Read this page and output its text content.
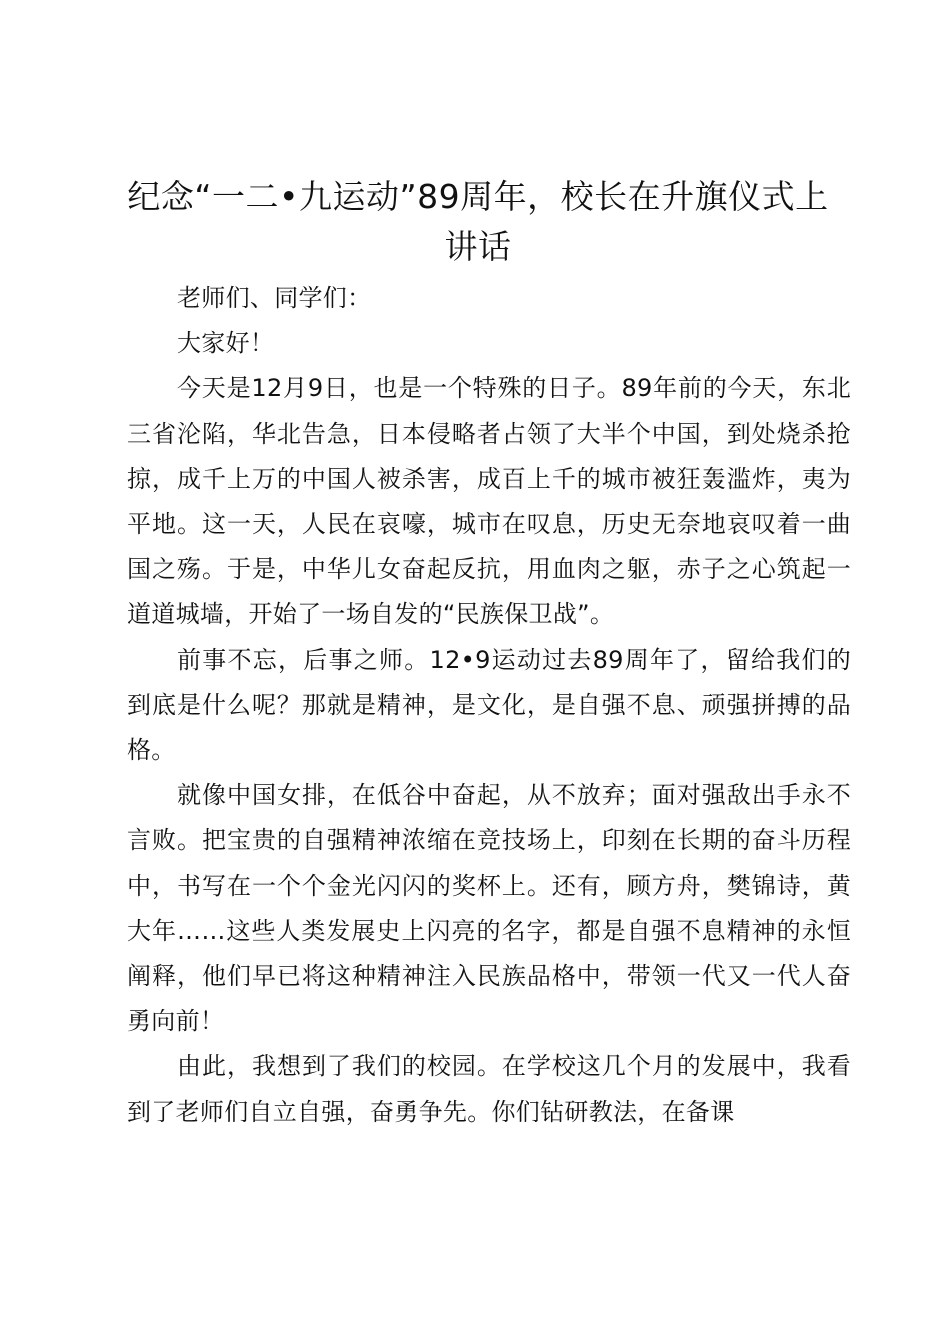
纪念“一二•九运动”89周年，校长在升旗仪式上讲话

老师们、同学们：

大家好！

今天是12月9日，也是一个特殊的日子。89年前的今天，东北三省沦陷，华北告急，日本侵略者占领了大半个中国，到处烧杀抢掠，成千上万的中国人被杀害，成百上千的城市被狂轰滥炸，夷为平地。这一天，人民在哀嚎，城市在叹息，历史无奈地哀叹着一曲国之殇。于是，中华儿女奋起反抗，用血肉之躯，赤子之心筑起一道道城墙，开始了一场自发的“民族保卫战”。

前事不忘，后事之师。12•9运动过去89周年了，留给我们的到底是什么呢？那就是精神，是文化，是自强不息、顽强拼搏的品格。

就像中国女排，在低谷中奋起，从不放弃；面对强敌出手永不言败。把宝贵的自强精神浓缩在竞技场上，印刻在长期的奋斗历程中，书写在一个个金光闪闪的奖杯上。还有，顾方舟，樊锦诗，黄大年……这些人类发展史上闪亮的名字，都是自强不息精神的永恒阐释，他们早已将这种精神注入民族品格中，带领一代又一代人奋勇向前！

由此，我想到了我们的校园。在学校这几个月的发展中，我看到了老师们自立自强，奋勇争先。你们钻研教法，在备课
